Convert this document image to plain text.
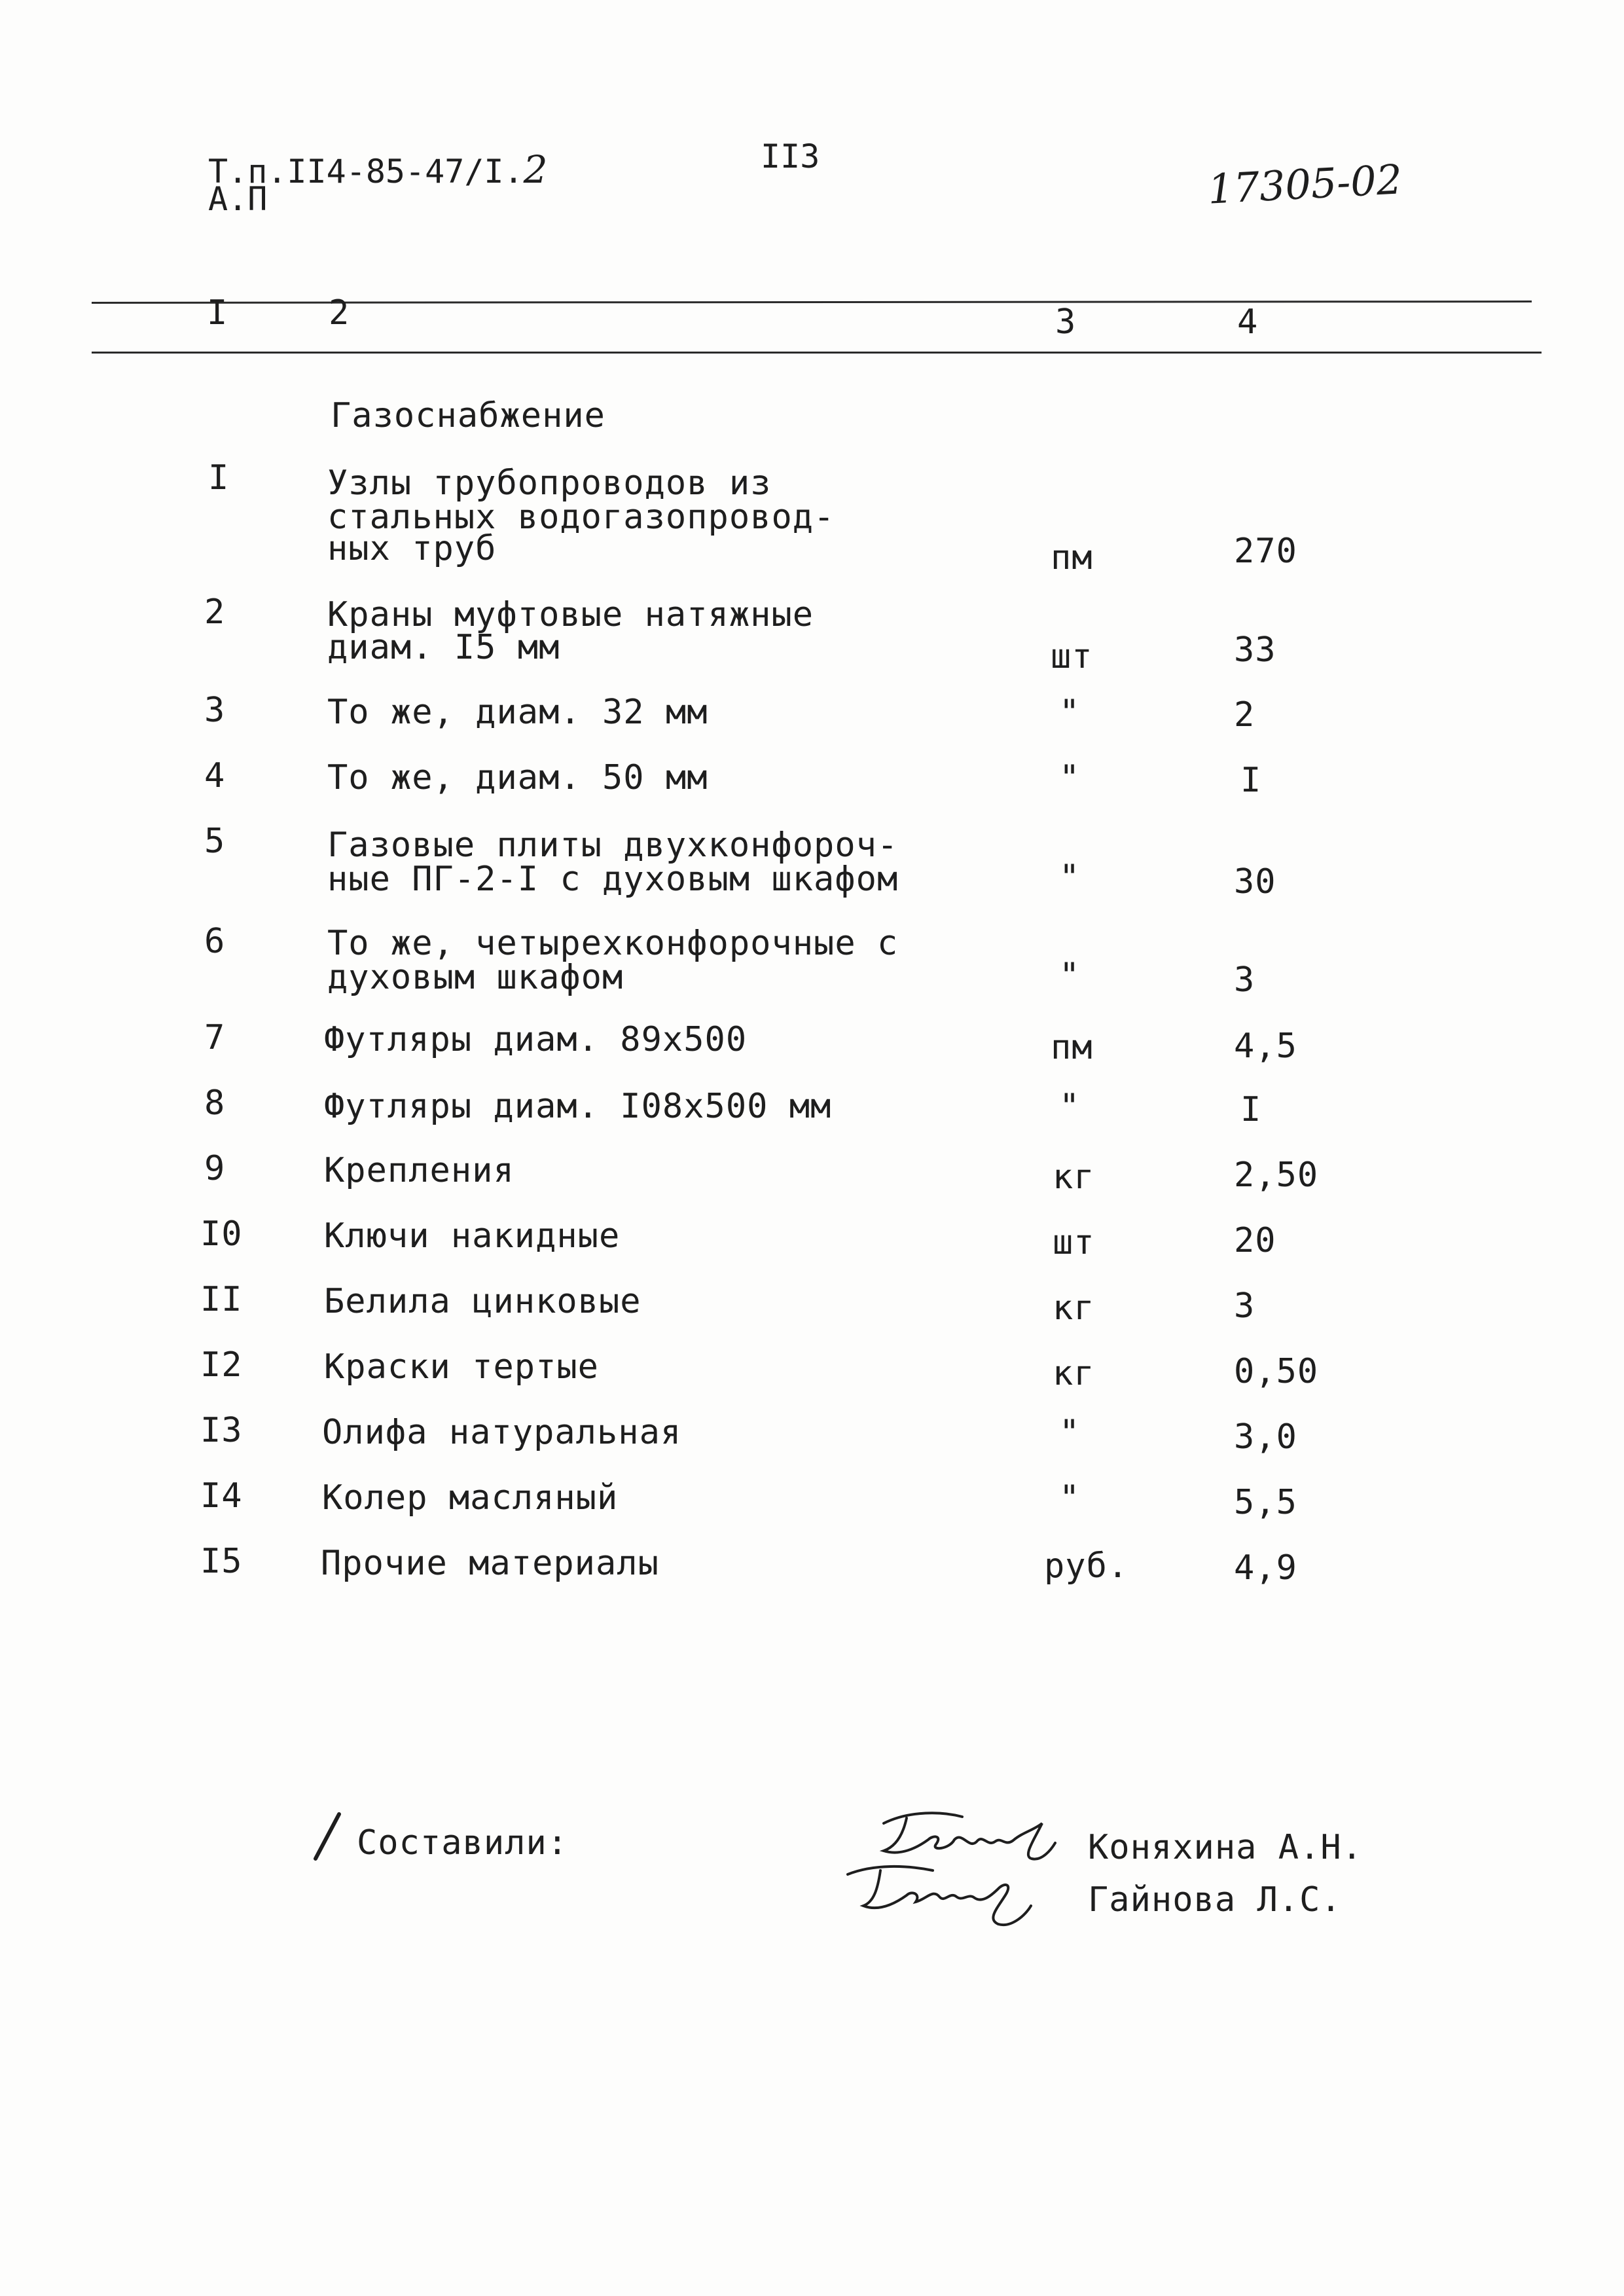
Т.п.II4-85-47/I.2
А.П
II3	17305-02
I	2	3	4
Газоснабжение
I	Узлы трубопроводов из
стальных водогазопровод-
ных труб	пм	270
2	Краны муфтовые натяжные
диам. I5 мм	шт	33
3	То же, диам. 32 мм	"	2
4	То же, диам. 50 мм	"	I
5	Газовые плиты двухконфороч-
ные ПГ-2-I с духовым шкафом	"	30
6	То же, четырехконфорочные с
духовым шкафом	"	3
7	Футляры диам. 89х500	пм	4,5
8	Футляры диам. I08х500 мм	"	I
9	Крепления	кг	2,50
I0 Ключи накидные	шт	20
II Белила цинковые	кг	3
I2 Краски тертые	кг	0,50
I3 Олифа натуральная	"	3,0
I4 Колер масляный	"	5,5
I5 Прочие материалы	руб.	4,9
Составили:	Коняхина А.Н.
Гайнова Л.С.
